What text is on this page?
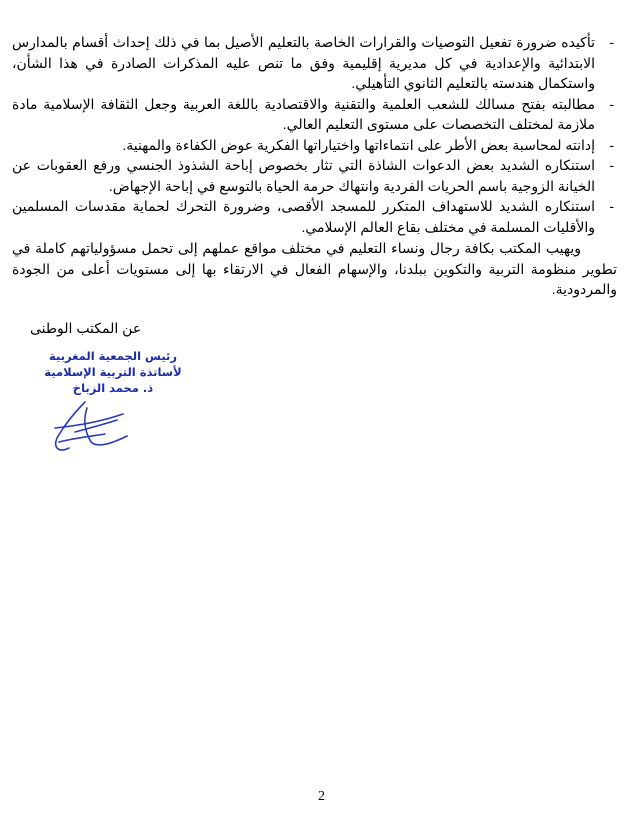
-

تأكيده ضرورة تفعيل التوصيات والقرارات الخاصة بالتعليم الأصيل بما في ذلك إحداث أقسام بالمدارس الابتدائية والإعدادية في كل مديرية إقليمية وفق ما تنص عليه المذكرات الصادرة في هذا الشأن، واستكمال هندسته بالتعليم الثانوي التأهيلي.

-

مطالبته بفتح مسالك للشعب العلمية والتقنية والاقتصادية باللغة العربية وجعل الثقافة الإسلامية مادة ملازمة لمختلف التخصصات على مستوى التعليم العالي.

-

إدانته لمحاسبة بعض الأطر على انتماءاتها واختياراتها الفكرية عوض الكفاءة والمهنية.

-

استنكاره الشديد بعض الدعوات الشاذة التي تثار بخصوص إباحة الشذوذ الجنسي ورفع العقوبات عن الخيانة الزوجية باسم الحريات الفردية وانتهاك حرمة الحياة بالتوسع في إباحة الإجهاض.

-

استنكاره الشديد للاستهداف المتكرر للمسجد الأقصى، وضرورة التحرك لحماية مقدسات المسلمين والأقليات المسلمة في مختلف بقاع العالم الإسلامي.

ويهيب المكتب بكافة رجال ونساء التعليم في مختلف مواقع عملهم إلى تحمل مسؤولياتهم كاملة في تطوير منظومة التربية والتكوين ببلدنا، والإسهام الفعال في الارتقاء بها إلى مستويات أعلى من الجودة والمردودية.

عن المكتب الوطنى
رئيس الجمعية المغربية
لأساتذة التربية الإسلامية
ذ. محمد الزباخ
2
